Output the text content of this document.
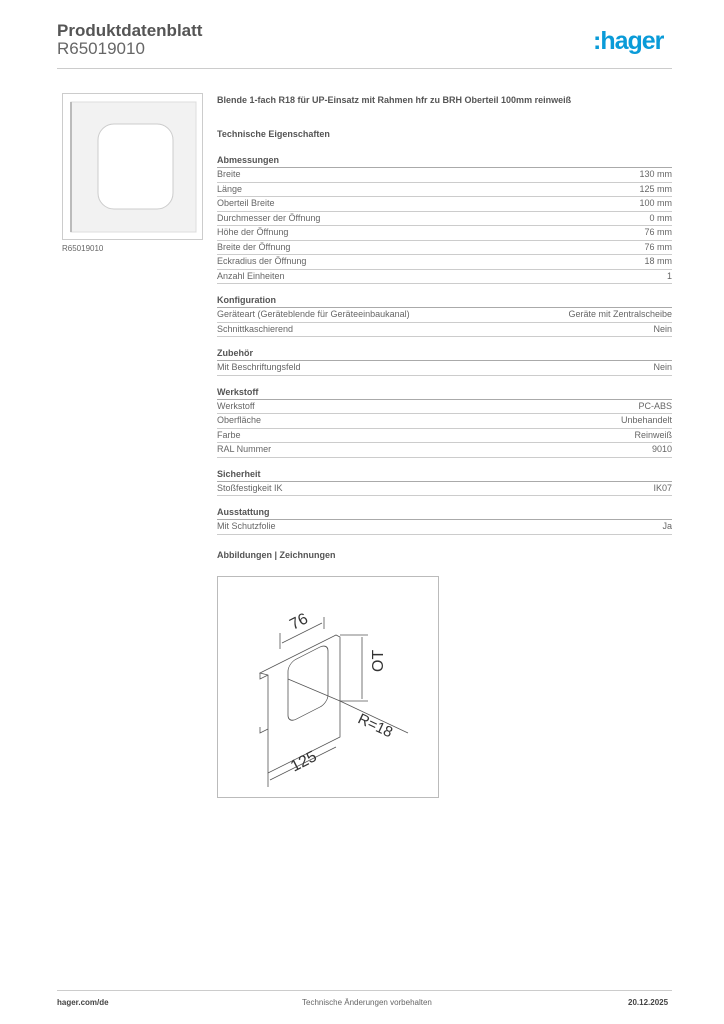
Produktdatenblatt
R65019010	:hager
R65019010
Blende 1-fach R18 für UP-Einsatz mit Rahmen hfr zu BRH Oberteil 100mm reinweiß
Technische Eigenschaften
Abmessungen
Breite	130 mm
Länge	125 mm
Oberteil Breite	100 mm
Durchmesser der Öffnung	0 mm
Höhe der Öffnung	76 mm
Breite der Öffnung	76 mm
Eckradius der Öffnung	18 mm
Anzahl Einheiten	1
Konfiguration
Geräteart (Geräteblende für Geräteeinbaukanal)	Geräte mit Zentralscheibe
Schnittkaschierend	Nein
Zubehör
Mit Beschriftungsfeld	Nein
Werkstoff
Werkstoff	PC-ABS
Oberfläche	Unbehandelt
Farbe	Reinweiß
RAL Nummer	9010
Sicherheit
Stoßfestigkeit IK	IK07
Ausstattung
Mit Schutzfolie	Ja
Abbildungen | Zeichnungen
76
OT
R=18
125
hager.com/de	Technische Änderungen vorbehalten	20.12.2025
